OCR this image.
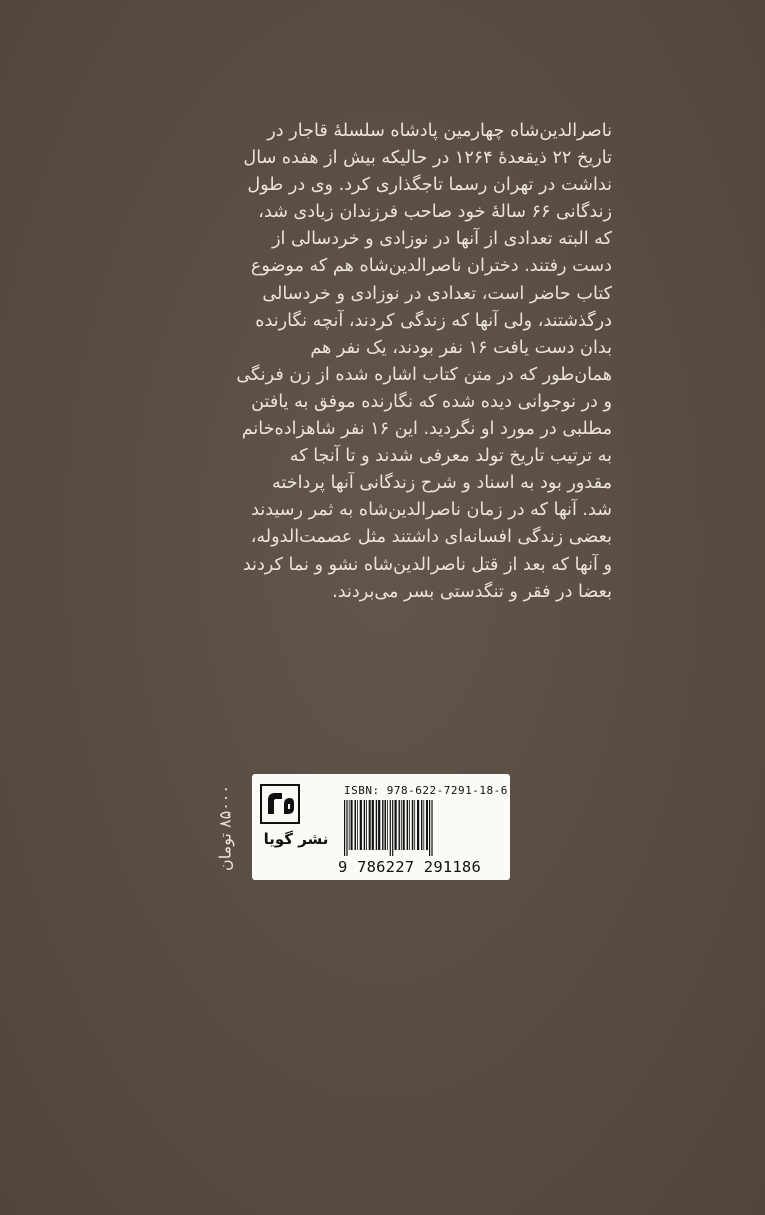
ناصرالدین‌شاه چهارمین پادشاه سلسلهٔ قاجار در

تاریخ ۲۲ ذیقعدهٔ ۱۲۶۴ در حالیکه بیش از هفده سال

نداشت در تهران رسما تاجگذاری کرد. وی در طول

زندگانی ۶۶ سالهٔ خود صاحب فرزندان زیادی شد،

که البته تعدادی از آنها در نوزادی و خردسالی از

دست رفتند. دختران ناصرالدین‌شاه هم که موضوع

کتاب حاضر است، تعدادی در نوزادی و خردسالی

درگذشتند، ولی آنها که زندگی کردند، آنچه نگارنده

بدان دست یافت ۱۶ نفر بودند، یک نفر هم

همان‌طور که در متن کتاب اشاره شده از زن فرنگی

و در نوجوانی دیده شده که نگارنده موفق به یافتن

مطلبی در مورد او نگردید. این ۱۶ نفر شاهزاده‌خانم

به ترتیب تاریخ تولد معرفی شدند و تا آنجا که

مقدور بود به اسناد و شرح زندگانی آنها پرداخته

شد. آنها که در زمان ناصرالدین‌شاه به ثمر رسیدند

بعضی زندگی افسانه‌ای داشتند مثل عصمت‌الدوله،

و آنها که بعد از قتل ناصرالدین‌شاه نشو و نما کردند

بعضا در فقر و تنگدستی بسر می‌بردند.

۸۵۰۰۰ تومان
نشر گویا
ISBN: 978-622-7291-18-6
9 786227 291186
